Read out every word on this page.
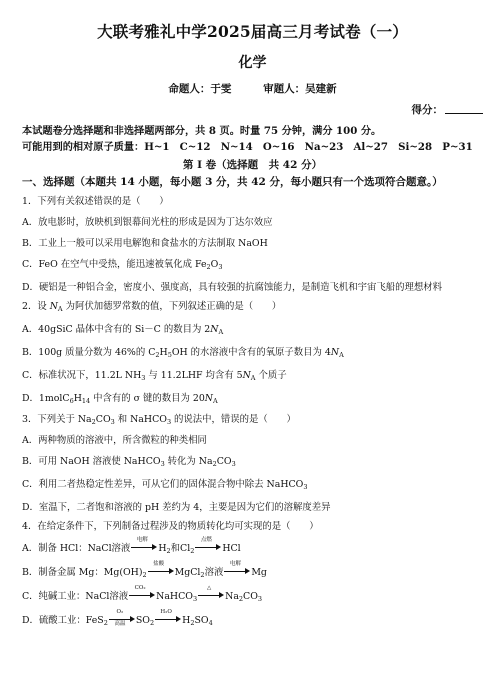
大联考雅礼中学2025届高三月考试卷（一）
化学
命题人：于雯	审题人：吴建新
得分：
本试题卷分选择题和非选择题两部分，共 8 页。时量 75 分钟，满分 100 分。
可能用到的相对原子质量：H~1　C~12　N~14　O~16　Na~23　Al~27　Si~28　P~31
第 Ⅰ 卷（选择题　共 42 分）
一、选择题（本题共 14 小题，每小题 3 分，共 42 分，每小题只有一个选项符合题意。）
1．下列有关叙述错误的是（　　）
A．放电影时，放映机到银幕间光柱的形成是因为丁达尔效应
B．工业上一般可以采用电解饱和食盐水的方法制取 NaOH
C．FeO 在空气中受热，能迅速被氧化成 $Fe_2O_3$
D．硬铝是一种铝合金，密度小、强度高，具有较强的抗腐蚀能力，是制造飞机和宇宙飞船的理想材料
2．设 $N_A$ 为阿伏加德罗常数的值，下列叙述正确的是（　　）
A．40gSiC 晶体中含有的 Si－C 的数目为 $2N_A$
B．100g 质量分数为 46%的 $C_2H_5OH$ 的水溶液中含有的氧原子数目为 $4N_A$
C．标准状况下，11.2L $NH_3$ 与 11.2LHF 均含有 $5N_A$ 个质子
D．$1molC_6H_{14}$ 中含有的 σ 键的数目为 $20N_A$
3．下列关于 $Na_2CO_3$ 和 NaHCO$_3$ 的说法中，错误的是（　　）
A．两种物质的溶液中，所含微粒的种类相同
B．可用 NaOH 溶液使 NaHCO$_3$ 转化为 $Na_2CO_3$
C．利用二者热稳定性差异，可从它们的固体混合物中除去 NaHCO$_3$
D．室温下，二者饱和溶液的 pH 差约为 4，主要是因为它们的溶解度差异
4．在给定条件下，下列制备过程涉及的物质转化均可实现的是（　　）
A．制备 HCl：NaCl溶液
电解
$H_2$和$Cl_2$
点燃
HCl
B．制备金属 Mg：$Mg(OH)_2$
盐酸
MgCl$_2$溶液
电解
Mg
C．纯碱工业：NaCl溶液
CO₂
NaHCO$_3$
△
$Na_2CO_3$
D．硫酸工业：FeS$_2$
O₂
高温	$SO_2$
H₂O
$H_2SO_4$
